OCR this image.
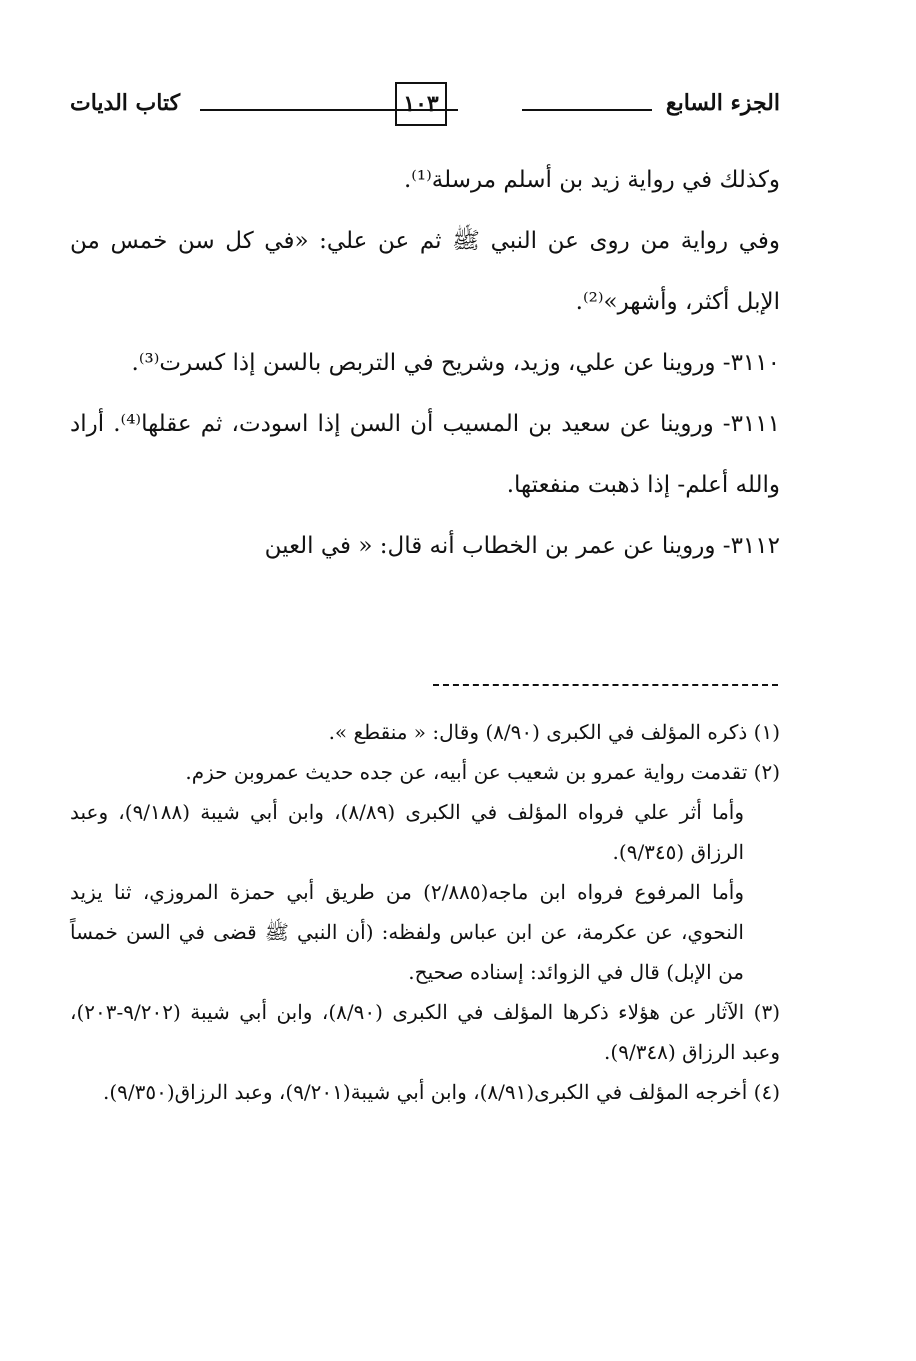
الجزء السابع
١٠٣
كتاب الديات

وكذلك في رواية زيد بن أسلم مرسلة⁽¹⁾.

وفي رواية من روى عن النبي ﷺ ثم عن علي: «في كل سن خمس من الإبل أكثر، وأشهر»⁽²⁾.

٣١١٠- وروينا عن علي، وزيد، وشريح في التربص بالسن إذا كسرت⁽³⁾.

٣١١١- وروينا عن سعيد بن المسيب أن السن إذا اسودت، ثم عقلها⁽⁴⁾. أراد والله أعلم- إذا ذهبت منفعتها.

٣١١٢- وروينا عن عمر بن الخطاب أنه قال: « في العين

(١) ذكره المؤلف في الكبرى (٨/٩٠) وقال: « منقطع ».

(٢) تقدمت رواية عمرو بن شعيب عن أبيه، عن جده حديث عمروبن حزم.

وأما أثر علي فرواه المؤلف في الكبرى (٨/٨٩)، وابن أبي شيبة (٩/١٨٨)، وعبد الرزاق (٩/٣٤٥).

وأما المرفوع فرواه ابن ماجه(٢/٨٨٥) من طريق أبي حمزة المروزي، ثنا يزيد النحوي، عن عكرمة، عن ابن عباس ولفظه: (أن النبي ﷺ قضى في السن خمساً من الإبل) قال في الزوائد: إسناده صحيح.

(٣) الآثار عن هؤلاء ذكرها المؤلف في الكبرى (٨/٩٠)، وابن أبي شيبة (٩/٢٠٢-٢٠٣)، وعبد الرزاق (٩/٣٤٨).

(٤) أخرجه المؤلف في الكبرى(٨/٩١)، وابن أبي شيبة(٩/٢٠١)، وعبد الرزاق(٩/٣٥٠).
